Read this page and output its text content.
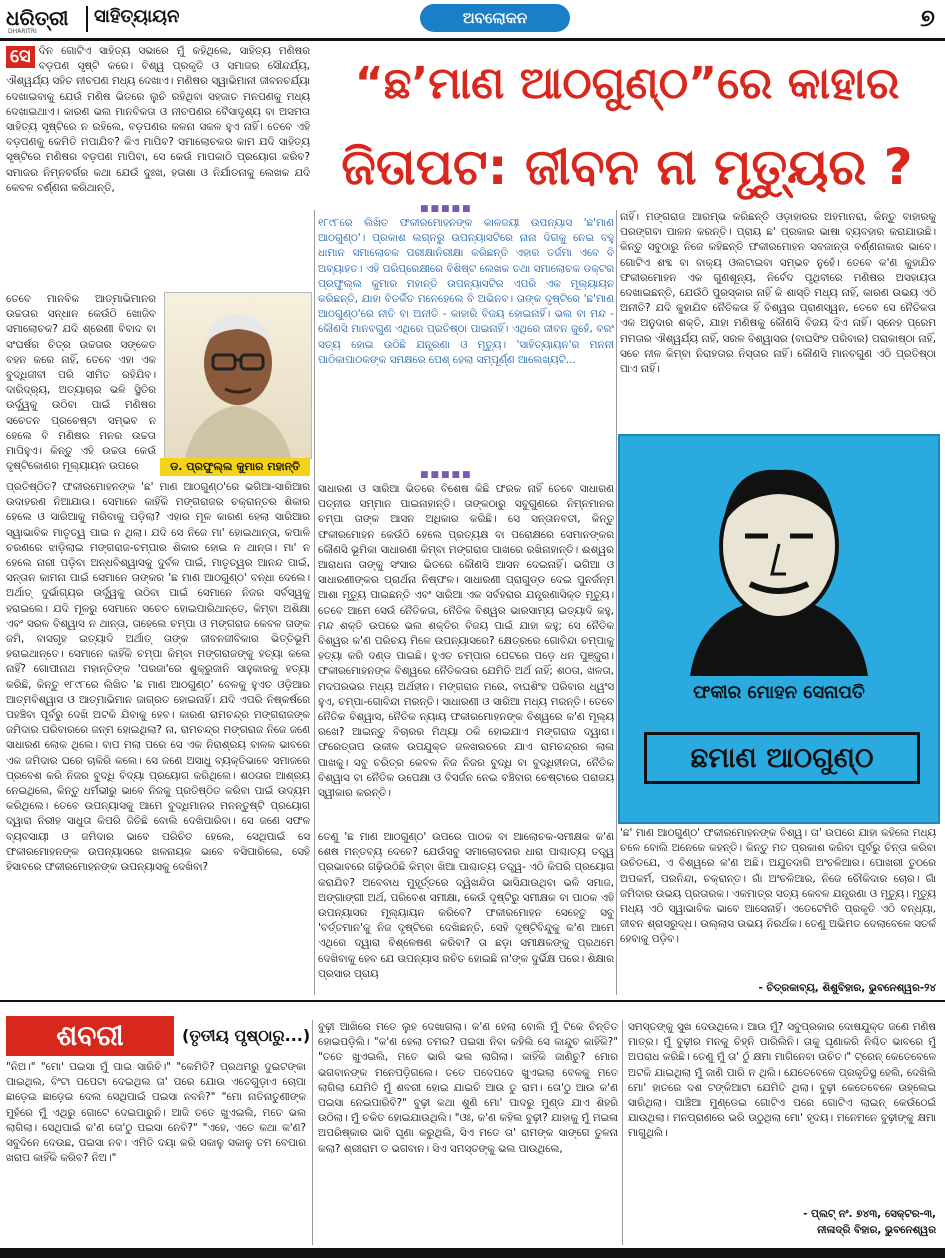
ଧରିତ୍ରୀ
DHARITRI
ସାହିତ୍ୟାୟନ	ଅବଲୋକନ	୭

ସେ ଦିନ ଗୋଟିଏ ସାହିତ୍ୟ ସଭାରେ ମୁଁ କହିଥିଲେ, ସାହିତ୍ୟ ମଣିଷର ବଡ଼ପଣ ସୃଷ୍ଟି କରେ। ବିଶ୍ୱ ପ୍ରକୃତି ଓ ସମାଜର ସୌନ୍ଦର୍ଯ୍ୟ, ଐଶ୍ୱର୍ଯ୍ୟ ସହିତ ନୀଚପଣ ମଧ୍ୟ ଦେଖାଏ। ମଣିଷର ସ୍ୱାଭିମାନୀ ଜୀବନଚର୍ଯ୍ୟା ଦେଖାଇବାକୁ ଯେଉଁ ମଣିଷ ଭିତରେ ଲୁଚି ରହିଥିବା ସହଜାତ ମନପଣକୁ ମଧ୍ୟ ଦେଖାଇଥାଏ। କାରଣ ଭଲ ମାନବିକତା ଓ ନୀଚପଣର ବୈସାଦୃଶ୍ୟ ବା ଅସମତା ସାହିତ୍ୟ ସୃଷ୍ଟିରେ ନ ରହିଲେ, ବଡ଼ପଣର କଳନା ସକଳ ହୁଏ ନାହିଁ। ତେବେ ଏହି ବଡ଼ପଣକୁ କେମିତି ମପାଯିବ? କିଏ ମାପିବ? ସମାଲୋଚକର କାମ ଯଦି ସାହିତ୍ୟ ସୃଷ୍ଟିରେ ମଣିଷର ବଡ଼ପଣ ମାପିବା, ସେ କେଉଁ ମାପକାଠି ପ୍ରୟୋଗ କରିବ? ସମାଜର ନିମ୍ନବର୍ଗର କଥା ଯେଉଁ ଦୁଃଖ, ହତାଶା ଓ ନିର୍ଯାତନାକୁ ଲେଖକ ଯଦି କେବଳ ବର୍ଣ୍ଣନା କରିଥାନ୍ତି,

ତେବେ ମାନବିକ ଆତ୍ମାଭିମାନର ଉଚ୍ଚତାର ସନ୍ଧାନ କେଉଁଠି ଖୋଜିବ ସମାଲୋଚକ? ଯଦି ଶ୍ରେଣୀ ବିବାଦ ବା ସଂଘର୍ଷର ଚିତ୍ର ଉଚ୍ଚତାର ସଙ୍କେତ ବହନ କରେ ନାହିଁ, ତେବେ ଏହା ଏକ ବୁଦ୍ଧିଜୀବୀ ପରି ସୀମିତ ରହିଯିବ। ଦାରିଦ୍ର୍ୟ, ଅତ୍ୟାଚାର ଭଳି ସ୍ଥିତିର ଉର୍ଦ୍ଧ୍ୱକୁ ଉଠିବା ପାଇଁ ମଣିଷର ସଚେତନ ପ୍ରଚେଷ୍ଟା ସମ୍ଭବ ନ ହେଲେ ବି ମଣିଷର ମନର ଉଚ୍ଚତା ମାପିହୁଏ। କିନ୍ତୁ ଏହି ଉଚ୍ଚତା କେଉଁ ଦୃଷ୍ଟିକୋଣର ମୂଲ୍ୟାୟନ ଉପରେ	ଡ. ପ୍ରଫୁଲ୍ଲ କୁମାର ମହାନ୍ତି

ପ୍ରତିଷ୍ଠିତ? ଫକୀରମୋହନଙ୍କ 'ଛ' ମାଣ ଆଠଗୁଣ୍ଠ'ରେ ଭଗିଆ-ସାରିଆର ଉଦାହରଣ ନିଆଯାଉ। ସେମାନେ କାହିଁକି ମଙ୍ଗରାଜର ଚକ୍ରାନ୍ତର ଶିକାର ହେଲେ ଓ ସାରିଆକୁ ମରିବାକୁ ପଡ଼ିଲା? ଏହାର ମୂଳ କାରଣ ହେଲା ସାରିଆର ସ୍ୱାଭାବିକ ମାତୃତ୍ୱ ପାଇ ନ ଥିଲା। ଯଦି ସେ ନିଜେ ମା' ହୋଇଥାନ୍ତା, କପାଳି ଚରଣରେ ଝାଡ଼ିଲାଇ ମଙ୍ଗରାଜ-ଚମ୍ପାର ଶିକାର ହୋଇ ନ ଥାନ୍ତା। ମା' ନ ହେଲେ ନାରୀ ପଡ଼ିବା ଅନ୍ଧବିଶ୍ୱାସକୁ ଦୁର୍ବଳ ପାଇଁ, ମାତୃତ୍ୱର ଆନନ୍ଦ ପାଇଁ, ସନ୍ତାନ କାମନା ପାଇଁ ସେମାନେ ତାଙ୍କର 'ଛ ମାଣ ଆଠଗୁଣ୍ଠ' ବନ୍ଧା ଦେଲେ। ଅର୍ଥାତ୍ ଦୁର୍ଭାଗ୍ୟର ଉର୍ଦ୍ଧ୍ୱକୁ ଉଠିବା ପାଇଁ ସେମାନେ ନିଜର ସର୍ବସ୍ୱକୁ ହରାଇଲେ। ଯଦି ମୂଳରୁ ସେମାନେ ସଚେତ ହୋଇପାରିଥାନ୍ତେ, କିମ୍ବା ଅଶିକ୍ଷା ଏବଂ ସରଳ ବିଶ୍ୱାସ ନ ଥାନ୍ତା, ତାହେଲେ ଚମ୍ପା ଓ ମଙ୍ଗରାଜ କେବଳ ତାଙ୍କ ଜମି, ବାସଗୃହ ଇତ୍ୟାଦି ଅର୍ଥାତ୍ ତାଙ୍କ ଜୀବନଜୀବିକାର ଭିତ୍ତିଭୂମି ହରାଇଥାନ୍ତେ। ସେମାନେ କାହିଁକି ଚମ୍ପା କିମ୍ବା ମଙ୍ଗରାଜଙ୍କୁ ହତ୍ୟା କଲେ ନାହିଁ? ଗୋପୀନାଥ ମହାନ୍ତିଙ୍କ 'ପରଜା'ରେ ଶୁକ୍ରୁଜାନି ସାହୁକାରକୁ ହତ୍ୟା କରିଛି, କିନ୍ତୁ ୧୮୯୮ରେ ଲିଖିତ 'ଛ ମାଣ ଆଠଗୁଣ୍ଠ' ବେଳକୁ ହୁଏତ ଓଡ଼ିଆର ଆତ୍ମବିଶ୍ୱାସ ଓ ଆତ୍ମାଭିମାନ ଜାଗ୍ରତ ହୋଇନାହିଁ। ଯଦି ଏପରି ନିଷ୍କର୍ଷରେ ପହଞ୍ଚିବା ପୂର୍ବରୁ ଦେଖି ଅଟକି ଯିବାକୁ ହେବ। କାରଣ ରାମଚନ୍ଦ୍ର ମଙ୍ଗରାଜଙ୍କ ଜମିଦାର ପରିବାରରେ ଜନ୍ମ ହୋଇଥିଲା? ନା, ରାମଚନ୍ଦ୍ର ମଙ୍ଗରାଜ ନିଜେ ଜଣେ ସାଧାରଣ ଲୋକ ଥିଲେ। ବାପ ମଲା ପରେ ସେ ଏକ ନିରାଶ୍ରୟ ବାଳକ ଭାବରେ ଏକ ଜମିଦାର ଘରେ ଚାକିରି କଲେ। ସେ ଜଣେ ଅସାଧୁ ବ୍ୟକ୍ତିଭାବେ ସମାଜରେ ପ୍ରବେଶ କରି ନିଜର ବୁଦ୍ଧି ବିଦ୍ୟା ପ୍ରୟୋଗ କରିଥିଲେ। ଶଠତାର ଆଶ୍ରୟ ନେଇଥିଲେ, କିନ୍ତୁ ଧର୍ମଭୀରୁ ଭାବେ ନିଜକୁ ପ୍ରତିଷ୍ଠିତ କରିବା ପାଇଁ ଉଦ୍ୟମ କରିଥିଲେ। ତେବେ ଉପନ୍ୟାସକୁ ଆମେ ବୁଦ୍ଧିମାନର ମନନ୍ତୁଷ୍ଟି ପ୍ରୟୋଗ ଦ୍ୱାରା ନିରୀହ ସାଧୁତା କିପରି ଜିତିଛି ବୋଲି ଦେଖିପାରିବା। ସେ ଜଣେ ସଫଳ ବ୍ୟବସାୟୀ ଓ ଜମିଦାର ଭାବେ ପରିଚିତ ହେଲେ, ସେଥିପାଇଁ ସେ ଫକୀରମୋହନଙ୍କ ଉପନ୍ୟାସରେ ଖଳନାୟକ ଭାବେ ବସିପାରିଲେ, ସେହି ହିସାବରେ ଫକୀରମୋହନଙ୍କ ଉପନ୍ୟାସକୁ ଦେଖିବା?

“ଛ’ମାଣ ଆଠଗୁଣ୍ଠ”ରେ କାହାର
ଜିତାପଟ: ଜୀବନ ନା ମୃତ୍ୟୁର ?
■■■■■

୧୮୯୮ରେ ଲିଖିତ ଫକୀରମୋହନଙ୍କ କାଳଜୟୀ ଉପନ୍ୟାସ 'ଛ'ମାଣ ଆଠଗୁଣ୍ଠ'। ପ୍ରକାଶ ଲଗ୍ନରୁ ଉପନ୍ୟାସଟିରେ ନାନା ଦିଗକୁ ନେଇ ବହୁ ଧାମାନ ସମାଲୋଚକ ପରୀକ୍ଷାନିରୀକ୍ଷା କରିଛନ୍ତି ଏହାର ତର୍ଜମା ଏବେ ବି ଅବ୍ୟାହତ। ଏହି ପରିପ୍ରେକ୍ଷୀରେ ବିଶିଷ୍ଟ ଲେଖକ ତଥା ସମାଲୋଚକ ଡକ୍ଟର ପ୍ରଫୁଲ୍ଲ କୁମାର ମହାନ୍ତି ଉପନ୍ୟାସଟିର ଏପରି ଏକ ମୂଲ୍ୟାୟନ କରିଛନ୍ତି, ଯାହା ବିତର୍କିତ ମନେହେଲେ ବି ଅଭିନବ। ତାଙ୍କ ଦୃଷ୍ଟିରେ 'ଛ'ମାଣ ଆଠଗୁଣ୍ଠ'ରେ ନୀତି ବା ଅନୀତି - କାହାରି ବିଜୟ ହୋଇନାହିଁ। ଭଲ ବା ମନ୍ଦ - କୌଣସି ମାନବଗୁଣ ଏଥିରେ ପ୍ରତିଷ୍ଠା ପାଇନାହିଁ। ଏଥିରେ ଜୀବନ ଜୁହେଁ, ବରଂ ସତ୍ୟ ହୋଇ ଉଠିଛି ଯନ୍ତ୍ରଣା ଓ ମୃତ୍ୟୁ। 'ସାହିତ୍ୟାୟନ'ର ମନନୀ ପାଠିକାପାଠକଙ୍କ ସମକ୍ଷରେ ପେଶ୍ ହେଲା ସମ୍ପୂର୍ଣ୍ଣ ଆଲେଖ୍ୟଟି...

■■■■■

ସାଧାରଣ ଓ ସାରିଆ ଭିତରେ ବିଶେଷ କିଛି ଫରକ ନାହିଁ ତେବେ ସାଧାରଣ ପତ୍ନୀର ସମ୍ମାନ ପାଇନାହାନ୍ତି। ତାଙ୍କଠାରୁ ସବୁଗୁଣରେ ନିମ୍ନମାନର ଚମ୍ପା ତାଙ୍କ ଆସନ ଅଧିକାର କରିଛି। ସେ ସନ୍ତାନବତୀ, କିନ୍ତୁ ଫକୀରମୋହନ କେଉଁଠି ହେଲେ ପ୍ରତ୍ୟକ୍ଷ ବା ପରୋକ୍ଷରେ ସେମାନଙ୍କର କୌଣସି ଭୂମିକା ସାଧାରଣୀ କିମ୍ବା ମଙ୍ଗରାଜ ପାଖରେ ରଖିନାହାନ୍ତି। ଈଶ୍ୱର ଆରାଧନା ତାଙ୍କୁ ସଂସାର ଭିତରେ କୌଣସି ଆସନ ଦେଇନାହିଁ। ଭଗିଆ ଓ ସାଧାରଣୀଙ୍କର ପ୍ରାର୍ଥନା ନିଷ୍ଫଳ। ସାଧାରଣୀ ପ୍ରାଗୁଡ୍ଡ ଦେଇ ପୁନର୍ଜନ୍ମ ଆଶା ମୃତ୍ୟୁ ପାଇଛନ୍ତି ଏବଂ ସାରିଆ ଏକ ସର୍ବହରାର ଯନ୍ତ୍ରଣାସିକ୍ତ ମୃତ୍ୟୁ। ତେବେ ଆମେ ସେଉଁ ନୈତିକତା, ନୈତିକ ବିଶ୍ୱର ଭାରସାମ୍ୟ ଇତ୍ୟାଦି କହୁ, ମନ୍ଦ ଶକ୍ତି ଉପରେ ଭଲ ଶକ୍ତିର ବିଜୟ ପାଇଁ ଯାହା କହୁ; ସେ ନୈତିକ ବିଶ୍ୱର କ'ଣ ପରିଚୟ ମିଳେ ଉପନ୍ୟାସରେ? କ୍ଷେତ୍ରରେ ଗୋବିନ୍ଦା ଚମ୍ପାକୁ ହତ୍ୟା କରି ଦଣ୍ଡ ପାଇଛି। ହୁଏତ ଚମ୍ପାର ପେଟରେ ପଡ଼େ ଧନ ପୁଞ୍ଜୁରା। ଫକୀରମୋହନଙ୍କ ବିଶ୍ୱରେ ନୈତିକତାର ଯେମିତି ଅର୍ଥ ନାହିଁ; ଶଠତା, ଖଳତା, ମଦପରଭର ମଧ୍ୟ ଅର୍ଥହୀନ। ମଙ୍ଗରାଜ ମରେ, ବାଘଶିଂହ ପରିବାର ଧ୍ୱଂସ ହୁଏ, ଚମ୍ପା-ଗୋବିନ୍ଦା ମରନ୍ତି। ସାଧାରଣୀ ଓ ସାରିଆ ମଧ୍ୟ ମରନ୍ତି। ତେବେ ନୈତିକ ବିଶ୍ୱାସ, ନୈତିକ ନ୍ୟାୟ ଫକୀରମୋହନଙ୍କ ବିଶ୍ୱରେ କ'ଣ ମୂଲ୍ୟ ରଖେ? ଆଇନ୍ତୁ ବିଚାରର ମିଥ୍ୟା ଠକି ହୋଇଯାଏ ମଙ୍ଗରାଜ ଦ୍ୱାରା। ଫରେତ୍ତାପ ଉକୀଳ ଉପଯୁକ୍ତ ଜଳଖରଚରେ ଯାଏ ରାମଚନ୍ଦ୍ରର ଲାଳା ପାଖକୁ। ସବୁ ଚରିତ୍ର କେବଳ ନିଜ ନିଜର ବୁଦ୍ଧି ବା ବୁଦ୍ଧିହୀନତା, ନୈତିକ ବିଶ୍ୱାସ ବା ନୈତିକ ଉପେକ୍ଷା ଓ ବିସର୍ଜନ ନେଇ ବଞ୍ଚିବାର ଚେଷ୍ଟାରେ ପରାଜୟ ସ୍ୱୀକାର କରନ୍ତି।

ତେଣୁ 'ଛ ମାଣ ଆଠଗୁଣ୍ଠ' ଉପରେ ପାଠକ ବା ଆଲୋଚକ-ସମୀକ୍ଷକ କ'ଣ ଶେଷ ମନ୍ତବ୍ୟ ଦେବେ? ଯେଉଁସବୁ ସମାଲୋଚନାର ଧାରା ପାଶ୍ଚାତ୍ୟ ତତ୍ତ୍ୱ ପ୍ରଭାବରେ ଗଢ଼ିଉଠିଛି କିମ୍ବା ଖିଆ ପାଶ୍ଚାତ୍ୟ ତତ୍ତ୍ୱ- ଏଠି କିପରି ପ୍ରୟୋଗ କରାଯିବ? ଅବେବାଧ ମୁହୂର୍ତ୍ତରେ ଦ୍ୱିଖନ୍ଦିତା ଭାସିଯାଉଥିବା ଭଳି ସମାଜ, ଅଙ୍ଗାଙ୍ଗୀ ଅର୍ଥ, ପରିବେଶ ସମୀକ୍ଷା, କେଉଁ ଦୃଷ୍ଟିରୁ ସମୀକ୍ଷକ ବା ପାଠକ ଏହି ଉପନ୍ୟାସର ମୂଲ୍ୟାୟନ କରିବେ? ଫକୀରମୋହନ ସେହେତୁ ସବୁ 'ବର୍ତ୍ତମାନ'କୁ ନିଜ ଦୃଷ୍ଟିରେ ଦେଖିଛନ୍ତି, ସେହି ଦୃଷ୍ଟିବିନ୍ଦୁକୁ କ'ଣ ଆମେ ଏଥିରେ ଦ୍ୱାରା ବିଶ୍ଳେଷଣ କରିବା? ତା ଛଡ଼ା ସମୀକ୍ଷକଙ୍କୁ ପ୍ରଥମେ ଦେଖିବାକୁ ହେବ ଯେ ଉପନ୍ୟାସ ରଚିତ ହୋଇଛି ନା'ଙ୍କ ଦୁର୍ଭିକ୍ଷ ପରେ। ଶିକ୍ଷାର ପ୍ରସାର ପ୍ରାୟ

ନାହିଁ। ମଙ୍ଗରାଜ ଆରମ୍ଭ କରିଛନ୍ତି ଓଡ଼ାହାରର ଅହମାନରା, କିନ୍ତୁ ବାହାରକୁ ପରଙ୍ଗବା ପାଳନ କରନ୍ତି। ପ୍ରାୟ ଛ' ପ୍ରକାର ଭାଷା ବ୍ୟବହାର କରାଯାଉଛି। କିନ୍ତୁ ସବୁଠାରୁ ନିଜେ କହିଛନ୍ତି ଫକୀରମୋହନ ସବଜାନ୍ତା ବର୍ଣ୍ଣନାକାର ଭାବେ। ଗୋଟିଏ ଶବ୍ଦ ବା ବାକ୍ୟ ଓଲଟାଇବା ସମ୍ଭବ ନୁହେଁ। ତେବେ କ'ଣ କୁହାଯିବ ଫକୀରମୋହନ ଏକ ଗୁଣଶୂନ୍ୟ, ନିର୍ବେଦ ପୃଥିବୀରେ ମଣିଷର ଅସହାୟତା ଦେଖାଇଛନ୍ତି, ଯେଉଁଠି ପୁରସ୍କାର ନାହିଁ କି ଶାସ୍ତି ମଧ୍ୟ ନାହିଁ, କାରଣ ଉଭୟ ଏଠି ଅନୀତି? ଯଦି କୁହାଯିବ ନୈତିକତା ହିଁ ବିଶ୍ୱର ପ୍ରାଣସ୍ୱନ, ତେବେ ସେ ନୈତିକତା ଏକ ଅନୁଦାର ଶକ୍ତି, ଯାହା ମଣିଷକୁ କୌଣସି ବିଜୟ ଦିଏ ନାହିଁ। ସ୍ନେହ ପ୍ରେମ ମମତାର ଐଶ୍ୱର୍ଯ୍ୟ ନାହିଁ, ସରଳ ବିଶ୍ୱାସର (ବାଘସିଂହ ପରିବାର) ପରାକାଷ୍ଠା ନାହିଁ, ସଚେ ନୀଳ କିମ୍ବା ନିରାହତାର ନିସ୍ତାର ନାହିଁ। କୌଣସି ମାନବଗୁଣ ଏଠି ପ୍ରତିଷ୍ଠା ପାଏ ନାହିଁ।

ଫକୀର ମୋହନ ସେନାପତି
ଛମାଣ ଆଠଗୁଣ୍ଠ

'ଛ' ମାଣ ଆଠଗୁଣ୍ଠ' ଫକୀରମୋହନଙ୍କ ବିଶ୍ୱ। ତା' ଉପରେ ଯାହା କହିଲେ ମଧ୍ୟ ଚଳେ ବୋଲି ଅନେକେ କହନ୍ତି। କିନ୍ତୁ ମତ ପ୍ରକାଶ କରିବା ପୂର୍ବରୁ ଚିନ୍ତା କରିବା ଉଚିତଯେ, ଏ ବିଶ୍ୱରେ କ'ଣ ଅଛି। ଅଯୁତଦାଗି ଅଂଚଳିଆର। ପୋଖରୀ ତୁଠରେ ଅପକର୍ମ, ପରନିନ୍ଦା, ଚକ୍ରାନ୍ତ। ଗାଁ ଅଂଚଳିଆର, ନିଜେ ଚୌକିଦାର ଚୋର। ଗାଁ ଜମିଦାର ଉଭୟ ପ୍ରତାରକ। ଏକମାତ୍ର ସତ୍ୟ କେବଳ ଯନ୍ତ୍ରଣା ଓ ମୃତ୍ୟୁ। ମୃତ୍ୟୁ ମଧ୍ୟ ଏଠି ସ୍ୱାଭାବିକ ଭାବେ ଆସେନାହିଁ। ଏତେଟେମିତି ପ୍ରକୃତି ଏଠି ବନ୍ଧ୍ୟା, ଜୀବନ ଶ୍ରାସରୁଦ୍ଧ। ଉଲ୍ଲାସ ଉଭୟ ନିରର୍ଥକ। ତେଣୁ ଅଭିମତ ଦେଲାବେଳେ ସତର୍କ ହେବାକୁ ପଡ଼ିବ।

- ଚିତ୍ରକାବ୍ୟ, ଶିଶୁବିହାର, ଭୁବନେଶ୍ୱର-୨୪
ଶବରୀ	(ତୃତୀୟ ପୃଷ୍ଠାରୁ...)

"ନିଅ।" "ମୋ' ପଇସା ମୁଁ ପାଇ ସାରିଚି।" "କେମିତି? ପ୍ରଥମରୁ ଦୁଇଟଙ୍କା ପାଇଥିଲ, ବିଂଟା ପପେଟା ଦେଇଥିଲ ତା' ପରେ ଯୋଉ ଏତେଗୁଡ଼ାଏ ଚୋପା ଛାଡ଼େଇ ଛାଡ଼େଇ ଦେଲ ସେଥିପାଇଁ ପଇସା ନବନି?" "ମୋ ନାତିନାତୁଣୀଙ୍କ ମୁହଁରେ ମୁଁ ଏଥିରୁ ଗୋଟେ ଦେଇପାରୁନି। ଆଜି ତତେ ଖୁଏଇଲି, ମତେ ଭଲ ଲାଗିଲା। ସେଥିପାଇଁ କ'ଣ ତୋ'ଠୁ ପଇସା ନେବି?" "ଏହେ, ଏତେ କଥା କ'ଣ? ସବୁଦିନେ ଦେଉଛ, ପଇସା ନବ। ଏମିତି ଦୟା କରି ସକାଳୁ ସକାଳୁ ତମ ବେପାର ଖରାପ କାହିଁକି କରିବ? ନିଅ।"

ବୁଢ଼ୀ ଆଖିରେ ମତେ ଲୁହ ଦେଖାଗଲା। କ'ଣ ହେଲା ବୋଲି ମୁଁ ଟିକେ ଚିନ୍ତିତ ହୋଇପଡ଼ିଲି। "କ'ଣ ହେଲା ତମର? ପଇସା ନିବା କହିଲି ସେ କାନ୍ଦୁଚ କାହିଁକି?" "ତତେ ଖୁଏଇଲି, ମତେ ଭାରି ଭଲ ଲାଗିଲା। କାହିଁକି ଜାଣିଚୁ? ମୋର ଭଗବାନଙ୍କ ମନେପଡ଼ିଗଲେ। ତତେ ପଦେପଦେ ଖୁଏଇଲା ବେଳକୁ ମତେ ଲାଗିଲା ଯେମିତି ମୁଁ ଶବରୀ ହୋଇ ଯାଇଚି ଆଉ ତୁ ରାମ। ତୋ'ଠୁ ଆଉ କ'ଣ ପଇସା ନେଇପାରିବି?" ବୁଢ଼ୀ କଥା ଶୁଣି ମୋ' ପାଦରୁ ମୁଣ୍ଡ ଯାଏ ଶିହରି ଉଠିଲା। ମୁଁ ଚକିତ ହୋଇଯାଉଥିଲି। "ଓଃ, କ'ଣ କହିଲ ବୁଢ଼ୀ? ଯାହାକୁ ମୁଁ ମଇଳା ଅପରିଷ୍କାର ଭାବି ଘୃଣା କରୁଥିଲି, ସିଏ ମତେ ତା' ରାମଙ୍କ ସାଙ୍ଗେ ତୁଳନା କଲା? ଶ୍ରୀରାମ ତ ଭଗବାନ। ସିଏ ସମସ୍ତଙ୍କୁ ଭଲ ପାଉଥିଲେ,

ସମସ୍ତଙ୍କୁ ସୁଖ ଦେଉଥିଲେ। ଆଉ ମୁଁ? ସବୁପ୍ରକାର ଦୋଷଯୁକ୍ତ ଜଣେ ମଣିଷ ମାତ୍ର। ମୁଁ ବୁଢ଼ୀର ମନକୁ ଚିହ୍ନି ପାରିଲିନି। ତାକୁ ଘୃଣାକରି ନିଶ୍ଚିତ ଭାବରେ ମୁଁ ଅପରାଧ କରିଛି। ତେଣୁ ମୁଁ ତା' ଠୁଁ କ୍ଷମା ମାଗିନେବା ଉଚିତ।" ଟ୍ରେନ୍ କେତେବେଳେ ଅଟକି ଯାଇଥିଲା ମୁଁ ଜାଣି ପାରି ନ ଥିଲି। ଯେତେବେଳେ ପ୍ରକୃତିସ୍ଥ ହେଲି, ଦେଖିଲି ମୋ' ହାତରେ ଦଶ ଟଙ୍କିଆଟା ଯେମିତି ଥିଲା। ବୁଢ଼ୀ କେତେବେଳେ ଉହ୍ଲେଇ ସାରିଥିଲା। ପାଞ୍ଚିଆ ମୁଣ୍ଡେଇ ଗୋଟିଏ ପରେ ଗୋଟିଏ ଲାଇନ୍ କେଉଁଠେଇଁ ଯାଉଥିଲା। ମନପ୍ରାଣରେ ଭରି ଉଠୁଥିଲା ମୋ' ହୃଦୟ। ମନେମନେ ବୁଢ଼ୀଙ୍କୁ କ୍ଷମା ମାଗୁଥିଲି।

- ପ୍ଲଟ୍ ନଂ. ୭୪୩, ସେକ୍ଟର-୩,
ନୀଳାଦ୍ରି ବିହାର, ଭୁବନେଶ୍ୱର
